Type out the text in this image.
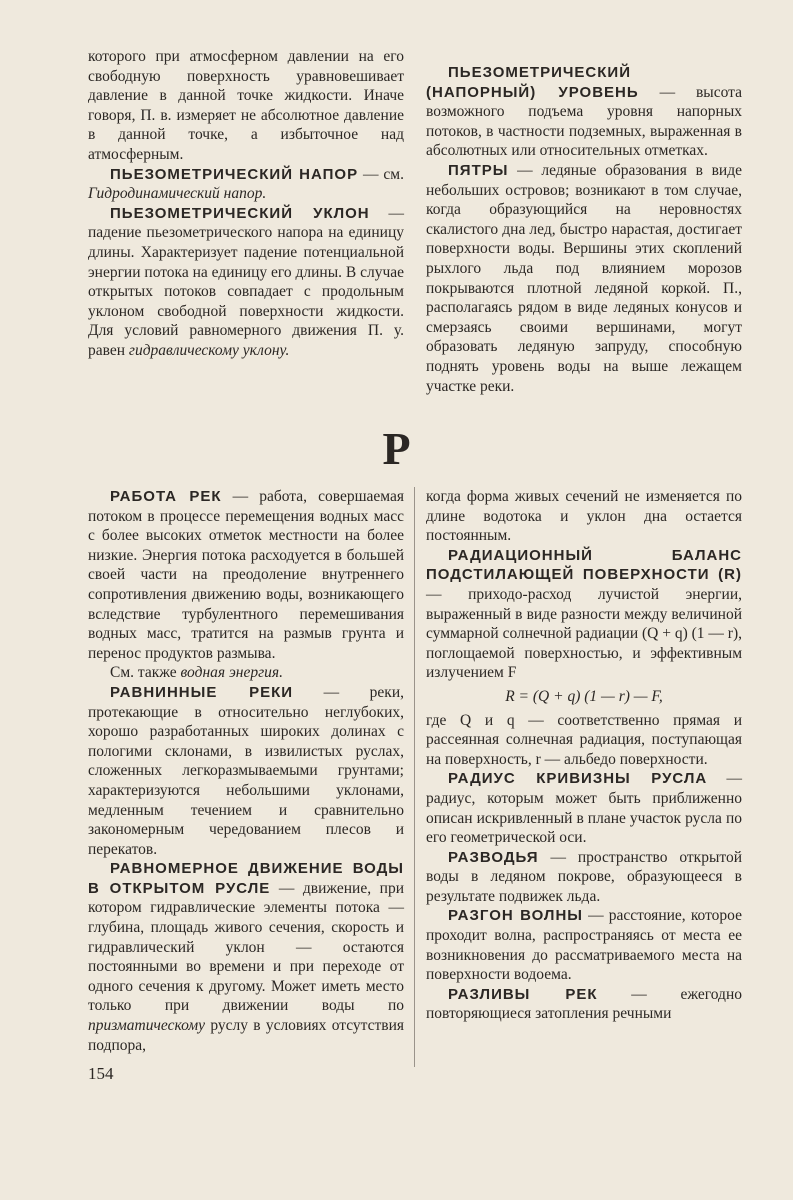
которого при атмосферном давлении на его свободную поверхность уравновешивает давление в данной точке жидкости. Иначе говоря, П. в. измеряет не абсолютное давление в данной точке, а избыточное над атмосферным.

ПЬЕЗОМЕТРИЧЕСКИЙ НАПОР — см. Гидродинамический напор.

ПЬЕЗОМЕТРИЧЕСКИЙ УКЛОН — падение пьезометрического напора на единицу длины. Характеризует падение потенциальной энергии потока на единицу его длины. В случае открытых потоков совпадает с продольным уклоном свободной поверхности жидкости. Для условий равномерного движения П. у. равен гидравлическому уклону.

ПЬЕЗОМЕТРИЧЕСКИЙ (НАПОРНЫЙ) УРОВЕНЬ — высота возможного подъема уровня напорных потоков, в частности подземных, выраженная в абсолютных или относительных отметках.

ПЯТРЫ — ледяные образования в виде небольших островов; возникают в том случае, когда образующийся на неровностях скалистого дна лед, быстро нарастая, достигает поверхности воды. Вершины этих скоплений рыхлого льда под влиянием морозов покрываются плотной ледяной коркой. П., располагаясь рядом в виде ледяных конусов и смерзаясь своими вершинами, могут образовать ледяную запруду, способную поднять уровень воды на выше лежащем участке реки.

Р

РАБОТА РЕК — работа, совершаемая потоком в процессе перемещения водных масс с более высоких отметок местности на более низкие. Энергия потока расходуется в большей своей части на преодоление внутреннего сопротивления движению воды, возникающего вследствие турбулентного перемешивания водных масс, тратится на размыв грунта и перенос продуктов размыва.

См. также водная энергия.

РАВНИННЫЕ РЕКИ — реки, протекающие в относительно неглубоких, хорошо разработанных широких долинах с пологими склонами, в извилистых руслах, сложенных легкоразмываемыми грунтами; характеризуются небольшими уклонами, медленным течением и сравнительно закономерным чередованием плесов и перекатов.

РАВНОМЕРНОЕ ДВИЖЕНИЕ ВОДЫ В ОТКРЫТОМ РУСЛЕ — движение, при котором гидравлические элементы потока — глубина, площадь живого сечения, скорость и гидравлический уклон — остаются постоянными во времени и при переходе от одного сечения к другому. Может иметь место только при движении воды по призматическому руслу в условиях отсутствия подпора,

когда форма живых сечений не изменяется по длине водотока и уклон дна остается постоянным.

РАДИАЦИОННЫЙ БАЛАНС ПОДСТИЛАЮЩЕЙ ПОВЕРХНОСТИ (R) — приходо-расход лучистой энергии, выраженный в виде разности между величиной суммарной солнечной радиации (Q + q) (1 — r), поглощаемой поверхностью, и эффективным излучением F

R = (Q + q) (1 — r) — F,

где Q и q — соответственно прямая и рассеянная солнечная радиация, поступающая на поверхность, r — альбедо поверхности.

РАДИУС КРИВИЗНЫ РУСЛА — радиус, которым может быть приближенно описан искривленный в плане участок русла по его геометрической оси.

РАЗВОДЬЯ — пространство открытой воды в ледяном покрове, образующееся в результате подвижек льда.

РАЗГОН ВОЛНЫ — расстояние, которое проходит волна, распространяясь от места ее возникновения до рассматриваемого места на поверхности водоема.

РАЗЛИВЫ РЕК — ежегодно повторяющиеся затопления речными

154
